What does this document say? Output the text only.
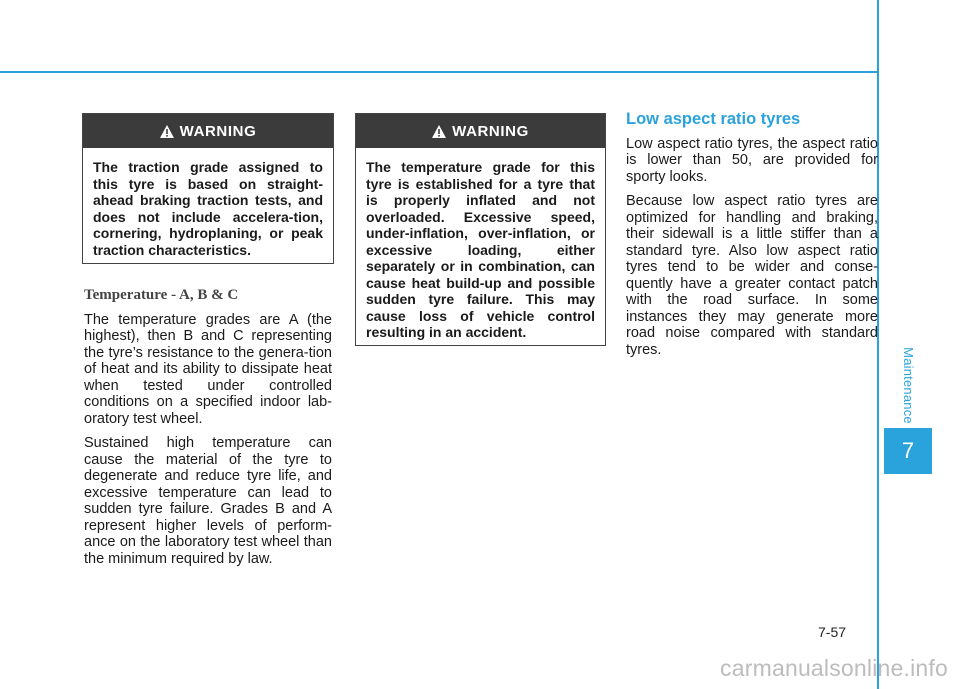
Maintenance
7
WARNING
The traction grade assigned to this tyre is based on straight-ahead braking traction tests, and does not include accelera-tion, cornering, hydroplaning, or peak traction characteristics.

Temperature - A, B & C

The temperature grades are A (the highest), then B and C representing the tyre’s resistance to the genera-tion of heat and its ability to dissipate heat when tested under controlled conditions on a specified indoor lab-oratory test wheel.

Sustained high temperature can cause the material of the tyre to degenerate and reduce tyre life, and excessive temperature can lead to sudden tyre failure. Grades B and A represent higher levels of perform-ance on the laboratory test wheel than the minimum required by law.

WARNING
The temperature grade for this tyre is established for a tyre that is properly inflated and not overloaded. Excessive speed, under-inflation, over-inflation, or excessive loading, either separately or in combination, can cause heat build-up and possible sudden tyre failure. This may cause loss of vehicle control resulting in an accident.

Low aspect ratio tyres

Low aspect ratio tyres, the aspect ratio is lower than 50, are provided for sporty looks.

Because low aspect ratio tyres are optimized for handling and braking, their sidewall is a little stiffer than a standard tyre. Also low aspect ratio tyres tend to be wider and conse-quently have a greater contact patch with the road surface. In some instances they may generate more road noise compared with standard tyres.

7-57
carmanualsonline.info
